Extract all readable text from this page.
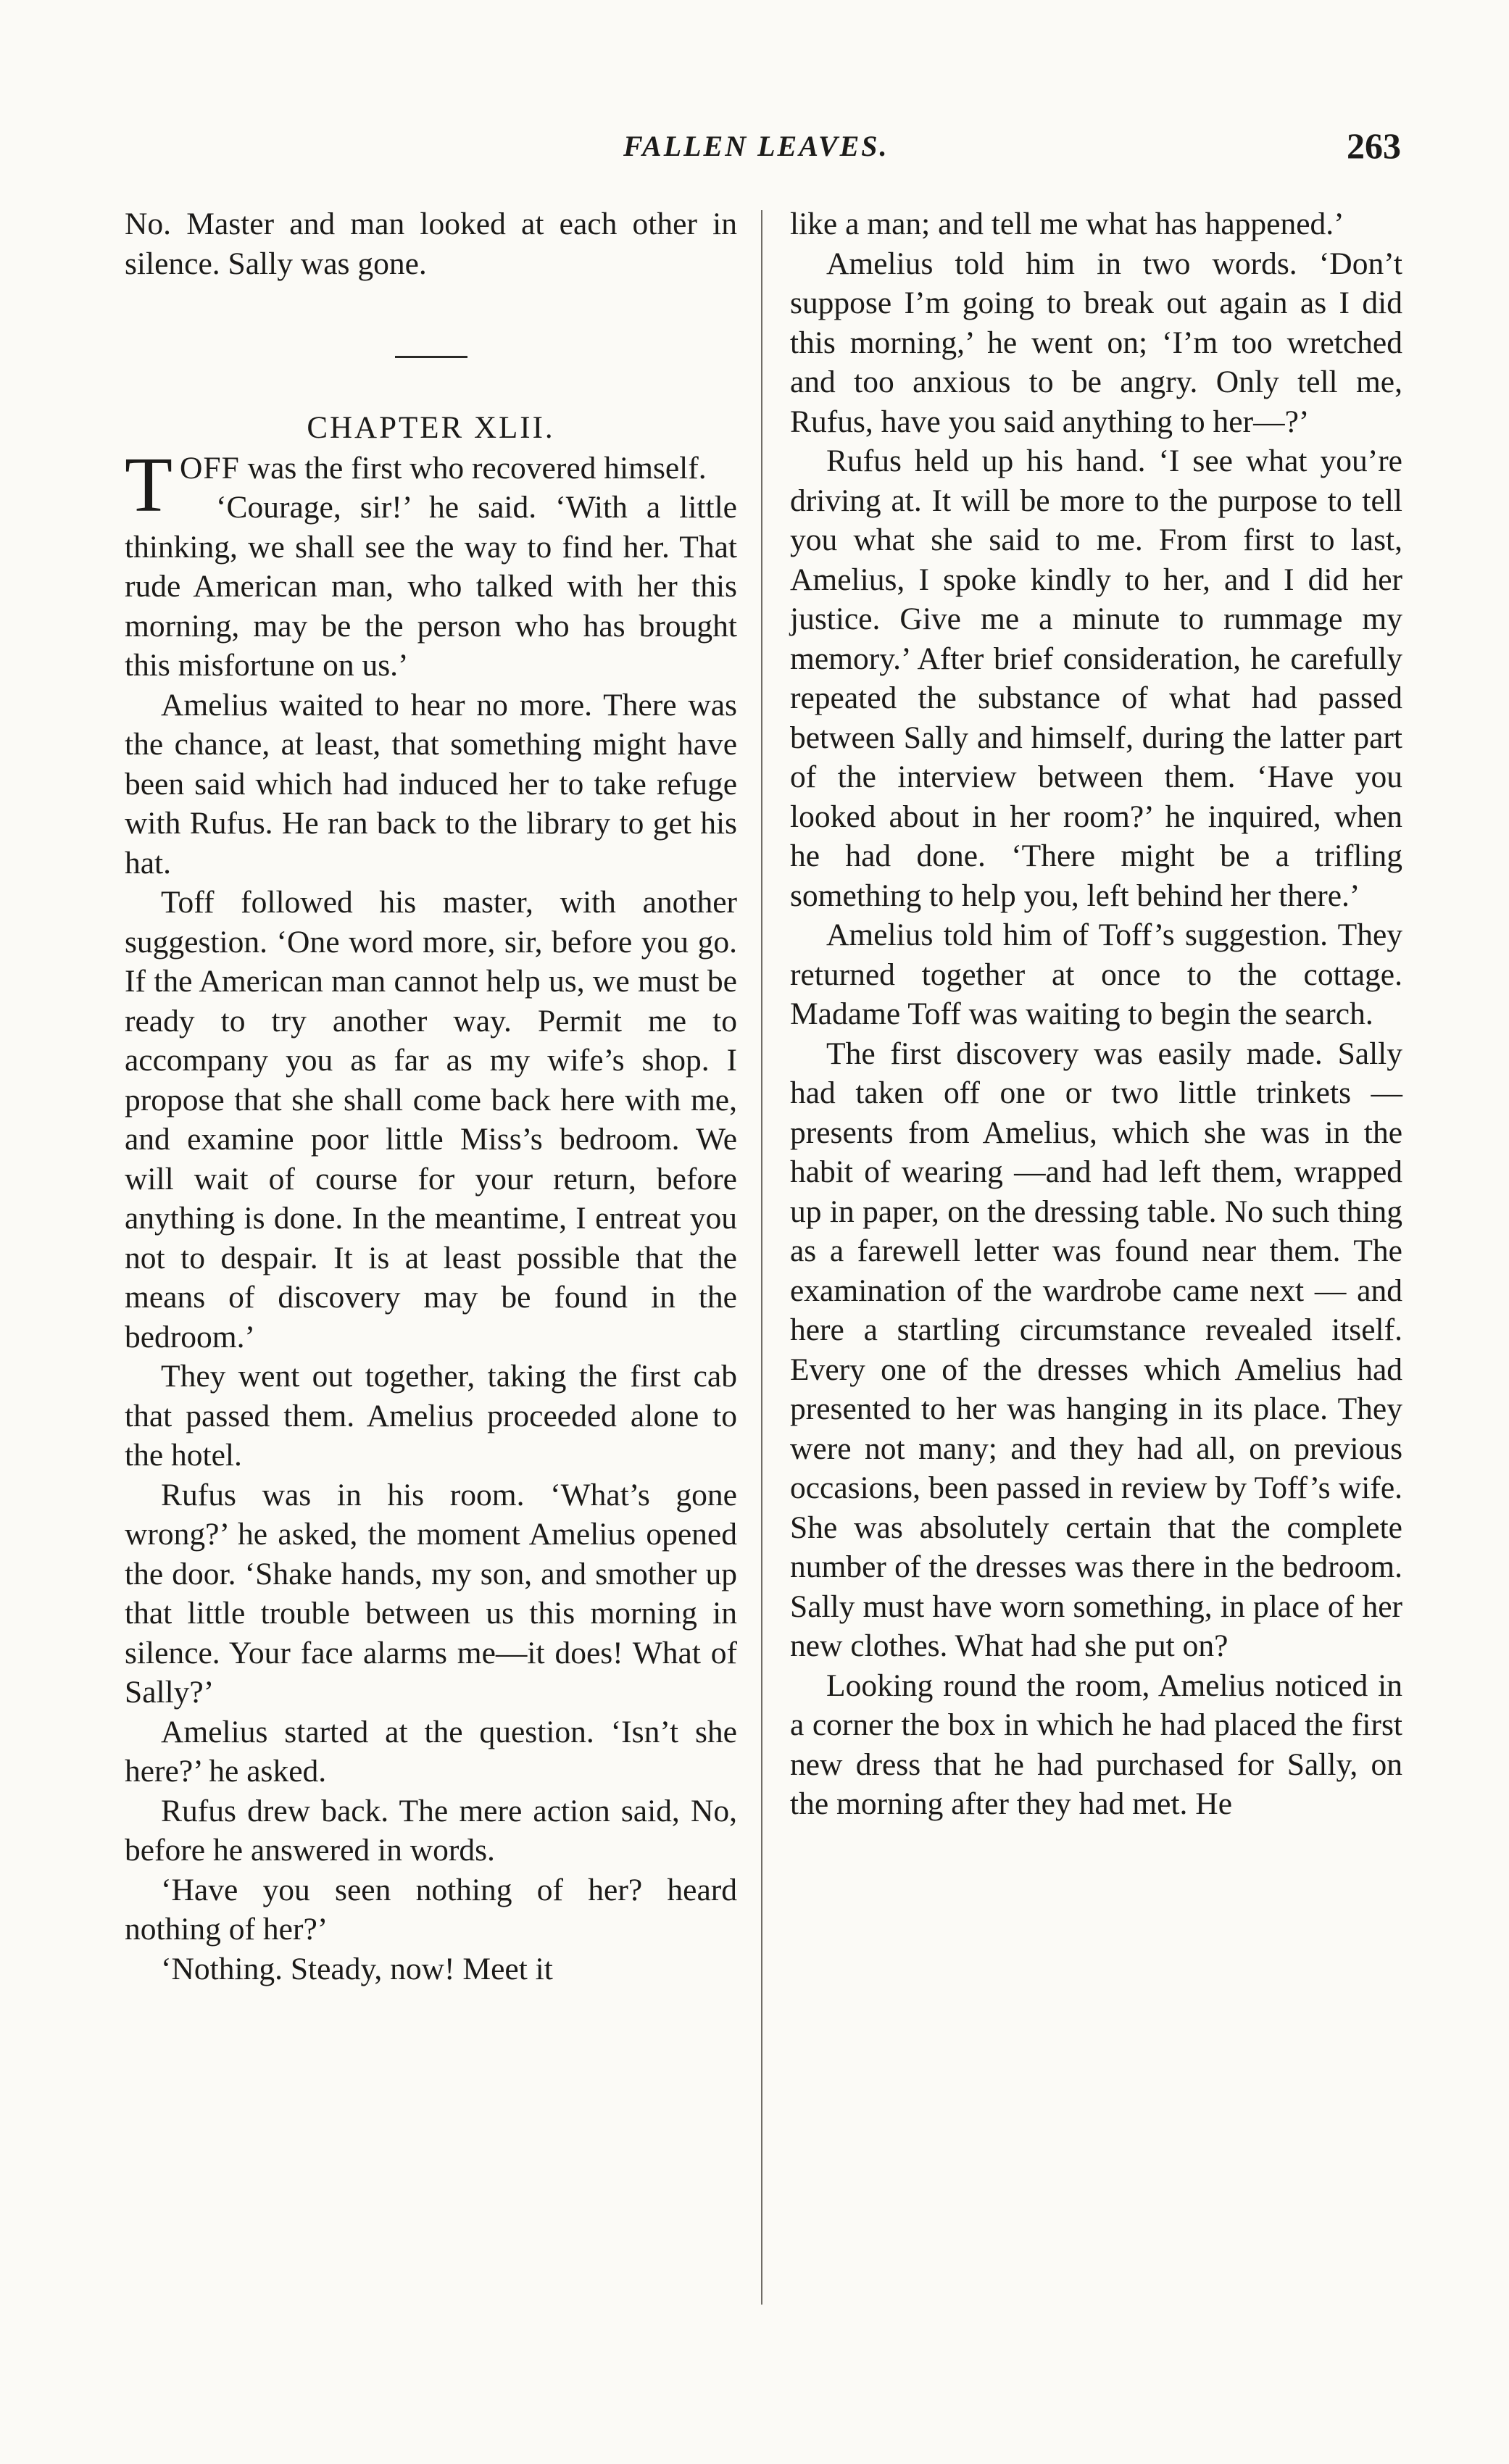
FALLEN LEAVES.	263

No. Master and man looked at each other in silence. Sally was gone.

CHAPTER XLII.

TOFF was the first who recovered himself.

‘Courage, sir!’ he said. ‘With a little thinking, we shall see the way to find her. That rude American man, who talked with her this morning, may be the person who has brought this misfortune on us.’

Amelius waited to hear no more. There was the chance, at least, that something might have been said which had induced her to take refuge with Rufus. He ran back to the library to get his hat.

Toff followed his master, with another suggestion. ‘One word more, sir, before you go. If the American man cannot help us, we must be ready to try another way. Permit me to accompany you as far as my wife’s shop. I propose that she shall come back here with me, and examine poor little Miss’s bedroom. We will wait of course for your return, before anything is done. In the meantime, I entreat you not to despair. It is at least possible that the means of discovery may be found in the bedroom.’

They went out together, taking the first cab that passed them. Amelius proceeded alone to the hotel.

Rufus was in his room. ‘What’s gone wrong?’ he asked, the moment Amelius opened the door. ‘Shake hands, my son, and smother up that little trouble between us this morning in silence. Your face alarms me—it does! What of Sally?’

Amelius started at the question. ‘Isn’t she here?’ he asked.

Rufus drew back. The mere action said, No, before he answered in words.

‘Have you seen nothing of her? heard nothing of her?’

‘Nothing. Steady, now! Meet it

like a man; and tell me what has happened.’

Amelius told him in two words. ‘Don’t suppose I’m going to break out again as I did this morning,’ he went on; ‘I’m too wretched and too anxious to be angry. Only tell me, Rufus, have you said anything to her—?’

Rufus held up his hand. ‘I see what you’re driving at. It will be more to the purpose to tell you what she said to me. From first to last, Amelius, I spoke kindly to her, and I did her justice. Give me a minute to rummage my memory.’ After brief consideration, he carefully repeated the substance of what had passed between Sally and himself, during the latter part of the interview between them. ‘Have you looked about in her room?’ he inquired, when he had done. ‘There might be a trifling something to help you, left behind her there.’

Amelius told him of Toff’s suggestion. They returned together at once to the cottage. Madame Toff was waiting to begin the search.

The first discovery was easily made. Sally had taken off one or two little trinkets — presents from Amelius, which she was in the habit of wearing —and had left them, wrapped up in paper, on the dressing table. No such thing as a farewell letter was found near them. The examination of the wardrobe came next — and here a startling circumstance revealed itself. Every one of the dresses which Amelius had presented to her was hanging in its place. They were not many; and they had all, on previous occasions, been passed in review by Toff’s wife. She was absolutely certain that the complete number of the dresses was there in the bedroom. Sally must have worn something, in place of her new clothes. What had she put on?

Looking round the room, Amelius noticed in a corner the box in which he had placed the first new dress that he had purchased for Sally, on the morning after they had met. He
